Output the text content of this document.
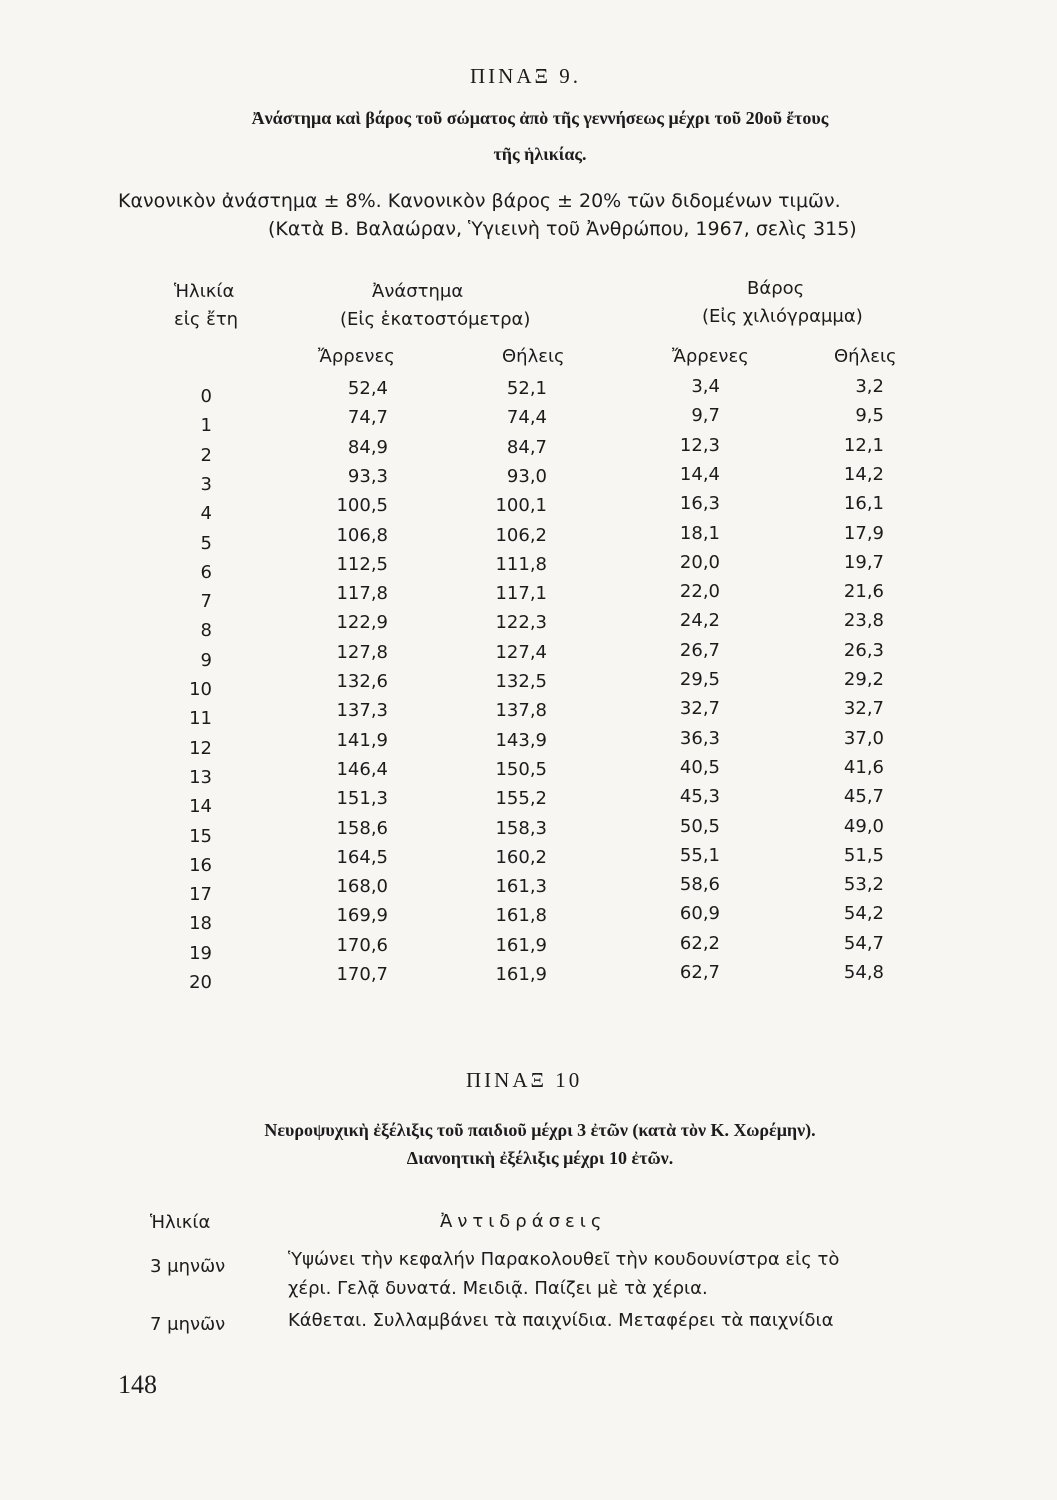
ΠΙΝΑΞ 9.
Ἀνάστημα καὶ βάρος τοῦ σώματος ἀπὸ τῆς γεννήσεως μέχρι τοῦ 20οῦ ἔτους
τῆς ἡλικίας.
Κανονικὸν ἀνάστημα ± 8%. Κανονικὸν βάρος ± 20% τῶν διδομένων τιμῶν.
(Κατὰ Β. Βαλαώραν, Ὑγιεινὴ τοῦ Ἀνθρώπου, 1967, σελὶς 315)
Ἡλικία
εἰς ἔτη
Ἀνάστημα
(Εἰς ἑκατοστόμετρα)
Βάρος
(Εἰς χιλιόγραμμα)
Ἄρρενες	Θήλεις	Ἄρρενες	Θήλεις
0	52,4	52,1	3,4	3,2
1	74,7	74,4	9,7	9,5
2	84,9	84,7	12,3	12,1
3	93,3	93,0	14,4	14,2
4	100,5	100,1	16,3	16,1
5	106,8	106,2	18,1	17,9
6	112,5	111,8	20,0	19,7
7	117,8	117,1	22,0	21,6
8	122,9	122,3	24,2	23,8
9	127,8	127,4	26,7	26,3
10	132,6	132,5	29,5	29,2
11	137,3	137,8	32,7	32,7
12	141,9	143,9	36,3	37,0
13	146,4	150,5	40,5	41,6
14	151,3	155,2	45,3	45,7
15	158,6	158,3	50,5	49,0
16	164,5	160,2	55,1	51,5
17	168,0	161,3	58,6	53,2
18	169,9	161,8	60,9	54,2
19	170,6	161,9	62,2	54,7
20	170,7	161,9	62,7	54,8
ΠΙΝΑΞ 10
Νευροψυχικὴ ἐξέλιξις τοῦ παιδιοῦ μέχρι 3 ἐτῶν (κατὰ τὸν Κ. Χωρέμην).
Διανοητικὴ ἐξέλιξις μέχρι 10 ἐτῶν.
Ἡλικία	Ἀντιδράσεις
3 μηνῶν	Ὑψώνει τὴν κεφαλήν Παρακολουθεῖ τὴν κουδουνίστρα εἰς τὸ
χέρι. Γελᾷ δυνατά. Μειδιᾷ. Παίζει μὲ τὰ χέρια.
7 μηνῶν	Κάθεται. Συλλαμβάνει τὰ παιχνίδια. Μεταφέρει τὰ παιχνίδια
148
